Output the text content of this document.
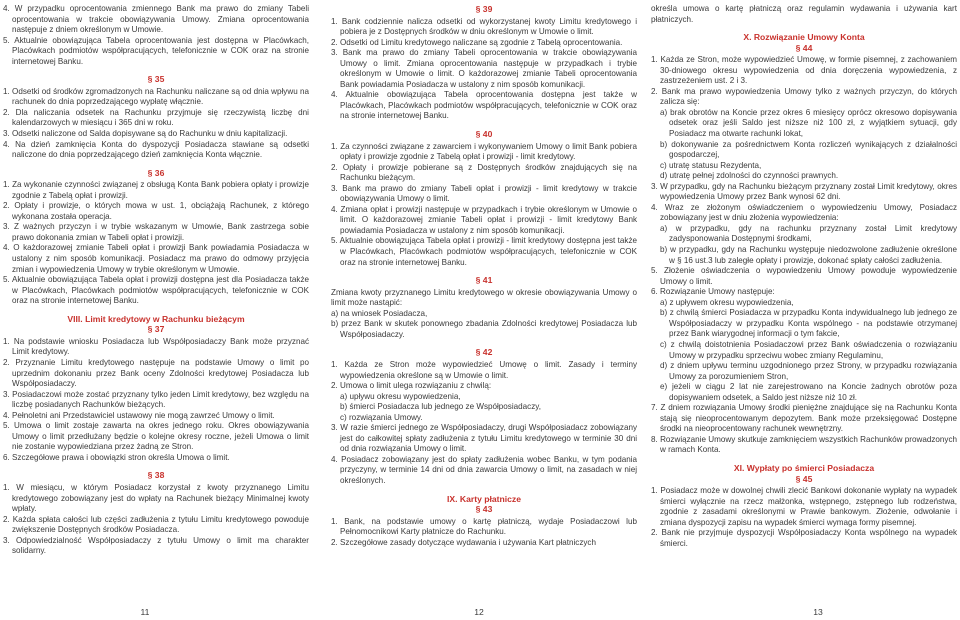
4. W przypadku oprocentowania zmiennego Bank ma prawo do zmiany Tabeli oprocentowania w trakcie obowiązywania Umowy. Zmiana oprocentowania następuje z dniem określonym w Umowie.

5. Aktualnie obowiązująca Tabela oprocentowania jest dostępna w Placówkach, Placówkach podmiotów współpracujących, telefonicznie w COK oraz na stronie internetowej Banku.

§ 35

1. Odsetki od środków zgromadzonych na Rachunku naliczane są od dnia wpływu na rachunek do dnia poprzedzającego wypłatę włącznie.

2. Dla naliczania odsetek na Rachunku przyjmuje się rzeczywistą liczbę dni kalendarzowych w miesiącu i 365 dni w roku.

3. Odsetki naliczone od Salda dopisywane są do Rachunku w dniu kapitalizacji.

4. Na dzień zamknięcia Konta do dyspozycji Posiadacza stawiane są odsetki naliczone do dnia poprzedzającego dzień zamknięcia Konta włącznie.

§ 36

1. Za wykonanie czynności związanej z obsługą Konta Bank pobiera opłaty i prowizje zgodnie z Tabelą opłat i prowizji.

2. Opłaty i prowizje, o których mowa w ust. 1, obciążają Rachunek, z którego wykonana została operacja.

3. Z ważnych przyczyn i w trybie wskazanym w Umowie, Bank zastrzega sobie prawo dokonania zmian w Tabeli opłat i prowizji.

4. O każdorazowej zmianie Tabeli opłat i prowizji Bank powiadamia Posiadacza w ustalony z nim sposób komunikacji. Posiadacz ma prawo do odmowy przyjęcia zmian i wypowiedzenia Umowy w trybie określonym w Umowie.

5. Aktualnie obowiązująca Tabela opłat i prowizji dostępna jest dla Posiadacza także w Placówkach, Placówkach podmiotów współpracujących, telefonicznie w COK oraz na stronie internetowej Banku.

VIII. Limit kredytowy w Rachunku bieżącym
§ 37

1. Na podstawie wniosku Posiadacza lub Współposiadaczy Bank może przyznać Limit kredytowy.

2. Przyznanie Limitu kredytowego następuje na podstawie Umowy o limit po uprzednim dokonaniu przez Bank oceny Zdolności kredytowej Posiadacza lub Współposiadaczy.

3. Posiadaczowi może zostać przyznany tylko jeden Limit kredytowy, bez względu na liczbę posiadanych Rachunków bieżących.

4. Pełnoletni ani Przedstawiciel ustawowy nie mogą zawrzeć Umowy o limit.

5. Umowa o limit zostaje zawarta na okres jednego roku. Okres obowiązywania Umowy o limit przedłużany będzie o kolejne okresy roczne, jeżeli Umowa o limit nie zostanie wypowiedziana przez żadną ze Stron.

6. Szczegółowe prawa i obowiązki stron określa Umowa o limit.

§ 38

1. W miesiącu, w którym Posiadacz korzystał z kwoty przyznanego Limitu kredytowego zobowiązany jest do wpłaty na Rachunek bieżący Minimalnej kwoty wpłaty.

2. Każda spłata całości lub części zadłużenia z tytułu Limitu kredytowego powoduje zwiększenie Dostępnych środków Posiadacza.

3. Odpowiedzialność Współposiadaczy z tytułu Umowy o limit ma charakter solidarny.

§ 39

1. Bank codziennie nalicza odsetki od wykorzystanej kwoty Limitu kredytowego i pobiera je z Dostępnych środków w dniu określonym w Umowie o limit.

2. Odsetki od Limitu kredytowego naliczane są zgodnie z Tabelą oprocentowania.

3. Bank ma prawo do zmiany Tabeli oprocentowania w trakcie obowiązywania Umowy o limit. Zmiana oprocentowania następuje w przypadkach i trybie określonym w Umowie o limit. O każdorazowej zmianie Tabeli oprocentowania Bank powiadamia Posiadacza w ustalony z nim sposób komunikacji.

4. Aktualnie obowiązująca Tabela oprocentowania dostępna jest także w Placówkach, Placówkach podmiotów współpracujących, telefonicznie w COK oraz na stronie internetowej Banku.

§ 40

1. Za czynności związane z zawarciem i wykonywaniem Umowy o limit Bank pobiera opłaty i prowizje zgodnie z Tabelą opłat i prowizji - limit kredytowy.

2. Opłaty i prowizje pobierane są z Dostępnych środków znajdujących się na Rachunku bieżącym.

3. Bank ma prawo do zmiany Tabeli opłat i prowizji - limit kredytowy w trakcie obowiązywania Umowy o limit.

4. Zmiana opłat i prowizji następuje w przypadkach i trybie określonym w Umowie o limit. O każdorazowej zmianie Tabeli opłat i prowizji - limit kredytowy Bank powiadamia Posiadacza w ustalony z nim sposób komunikacji.

5. Aktualnie obowiązująca Tabela opłat i prowizji - limit kredytowy dostępna jest także w Placówkach, Placówkach podmiotów współpracujących, telefonicznie w COK oraz na stronie internetowej Banku.

§ 41

Zmiana kwoty przyznanego Limitu kredytowego w okresie obowiązywania Umowy o limit może nastąpić:

a) na wniosek Posiadacza,

b) przez Bank w skutek ponownego zbadania Zdolności kredytowej Posiadacza lub Współposiadaczy.

§ 42

1. Każda ze Stron może wypowiedzieć Umowę o limit. Zasady i terminy wypowiedzenia określone są w Umowie o limit.

2. Umowa o limit ulega rozwiązaniu z chwilą:

a) upływu okresu wypowiedzenia,

b) śmierci Posiadacza lub jednego ze Współposiadaczy,

c) rozwiązania Umowy.

3. W razie śmierci jednego ze Współposiadaczy, drugi Współposiadacz zobowiązany jest do całkowitej spłaty zadłużenia z tytułu Limitu kredytowego w terminie 30 dni od dnia rozwiązania Umowy o limit.

4. Posiadacz zobowiązany jest do spłaty zadłużenia wobec Banku, w tym podania przyczyny, w terminie 14 dni od dnia zawarcia Umowy o limit, na zasadach w niej określonych.

IX. Karty płatnicze
§ 43

1. Bank, na podstawie umowy o kartę płatniczą, wydaje Posiadaczowi lub Pełnomocnikowi Karty płatnicze do Rachunku.

2. Szczegółowe zasady dotyczące wydawania i używania Kart płatniczych

określa umowa o kartę płatniczą oraz regulamin wydawania i używania kart płatniczych.

X. Rozwiązanie Umowy Konta
§ 44

1. Każda ze Stron, może wypowiedzieć Umowę, w formie pisemnej, z zachowaniem 30-dniowego okresu wypowiedzenia od dnia doręczenia wypowiedzenia, z zastrzeżeniem ust. 2 i 3.

2. Bank ma prawo wypowiedzenia Umowy tylko z ważnych przyczyn, do których zalicza się:

a) brak obrotów na Koncie przez okres 6 miesięcy oprócz okresowo dopisywania odsetek oraz jeśli Saldo jest niższe niż 100 zł, z wyjątkiem sytuacji, gdy Posiadacz ma otwarte rachunki lokat,

b) dokonywanie za pośrednictwem Konta rozliczeń wynikających z działalności gospodarczej,

c) utratę statusu Rezydenta,

d) utratę pełnej zdolności do czynności prawnych.

3. W przypadku, gdy na Rachunku bieżącym przyznany został Limit kredytowy, okres wypowiedzenia Umowy przez Bank wynosi 62 dni.

4. Wraz ze złożonym oświadczeniem o wypowiedzeniu Umowy, Posiadacz zobowiązany jest w dniu złożenia wypowiedzenia:

a) w przypadku, gdy na rachunku przyznany został Limit kredytowy zadysponowania Dostępnymi środkami,

b) w przypadku, gdy na Rachunku występuje niedozwolone zadłużenie określone w § 16 ust.3 lub zaległe opłaty i prowizje, dokonać spłaty całości zadłużenia.

5. Złożenie oświadczenia o wypowiedzeniu Umowy powoduje wypowiedzenie Umowy o limit.

6. Rozwiązanie Umowy następuje:

a) z upływem okresu wypowiedzenia,

b) z chwilą śmierci Posiadacza w przypadku Konta indywidualnego lub jednego ze Współposiadaczy w przypadku Konta wspólnego - na podstawie otrzymanej przez Bank wiarygodnej informacji o tym fakcie,

c) z chwilą doistotnienia Posiadaczowi przez Bank oświadczenia o rozwiązaniu Umowy w przypadku sprzeciwu wobec zmiany Regulaminu,

d) z dniem upływu terminu uzgodnionego przez Strony, w przypadku rozwiązania Umowy za porozumieniem Stron,

e) jeżeli w ciągu 2 lat nie zarejestrowano na Koncie żadnych obrotów poza dopisywaniem odsetek, a Saldo jest niższe niż 10 zł.

7. Z dniem rozwiązania Umowy środki pieniężne znajdujące się na Rachunku Konta stają się nieoprocentowanym depozytem. Bank może przeksięgować Dostępne środki na nieoprocentowany rachunek wewnętrzny.

8. Rozwiązanie Umowy skutkuje zamknięciem wszystkich Rachunków prowadzonych w ramach Konta.

XI. Wypłaty po śmierci Posiadacza
§ 45

1. Posiadacz może w dowolnej chwili zlecić Bankowi dokonanie wypłaty na wypadek śmierci wyłącznie na rzecz małżonka, wstępnego, zstępnego lub rodzeństwa, zgodnie z zasadami określonymi w Prawie bankowym. Złożenie, odwołanie i zmiana dyspozycji zapisu na wypadek śmierci wymaga formy pisemnej.

2. Bank nie przyjmuje dyspozycji Współposiadaczy Konta wspólnego na wypadek śmierci.

11	12	13
